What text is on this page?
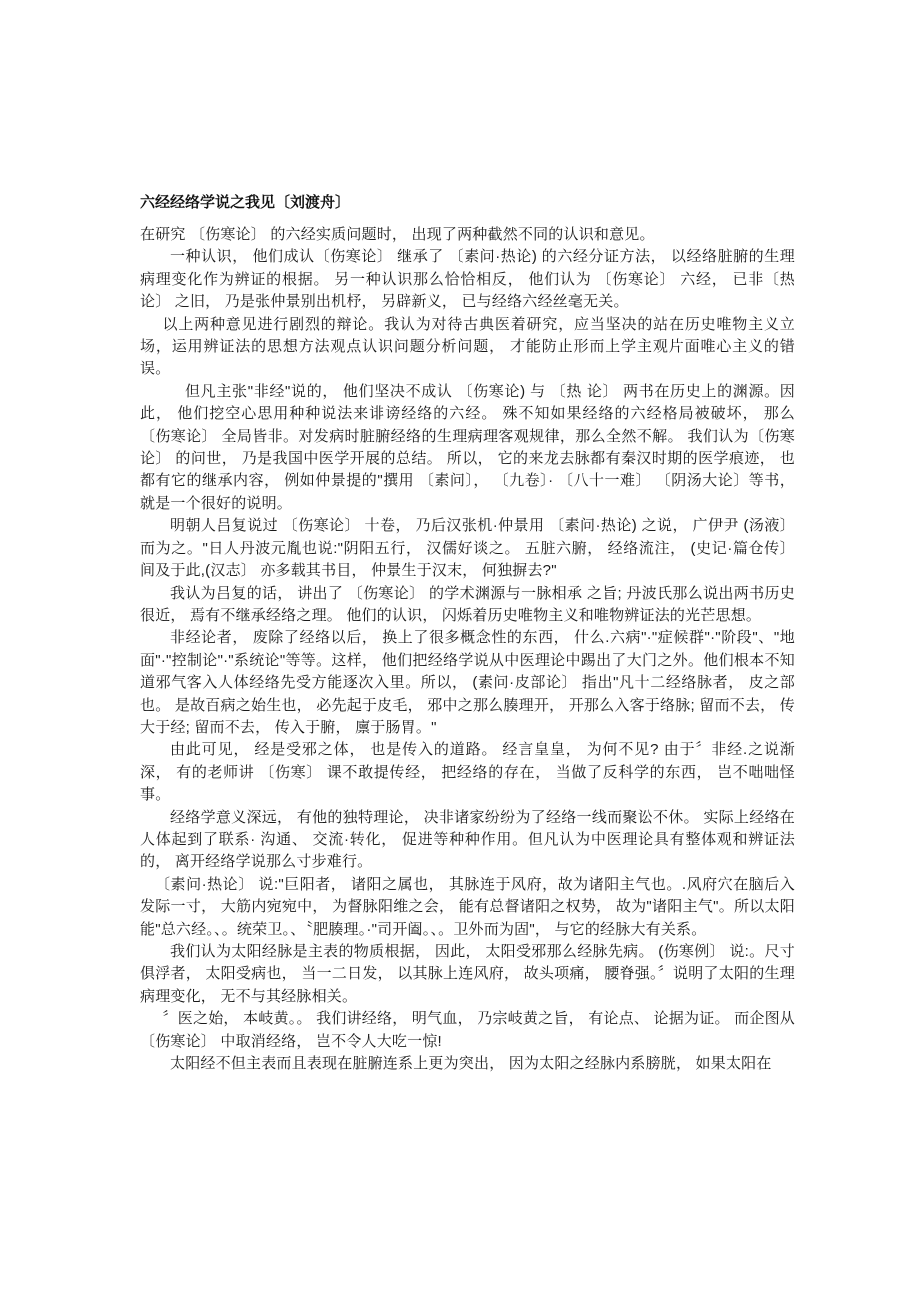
六经经络学说之我见〔刘渡舟〕

在研究 〔伤寒论〕 的六经实质问题时， 出现了两种截然不同的认识和意见。

一种认识， 他们成认〔伤寒论〕 继承了 〔素问·热论) 的六经分证方法， 以经络脏腑的生理病理变化作为辨证的根据。 另一种认识那么恰恰相反， 他们认为 〔伤寒论〕 六经， 已非〔热论〕 之旧， 乃是张仲景别出机杼， 另辟新义， 已与经络六经丝毫无关。

以上两种意见进行剧烈的辩论。我认为对待古典医着研究，应当坚决的站在历史唯物主义立场，运用辨证法的思想方法观点认识问题分析问题， 才能防止形而上学主观片面唯心主义的错误。

但凡主张"非经"说的， 他们坚决不成认 〔伤寒论) 与 〔热 论〕 两书在历史上的渊源。因此， 他们挖空心思用种种说法来诽谤经络的六经。 殊不知如果经络的六经格局被破坏， 那么 〔伤寒论〕 全局皆非。对发病时脏腑经络的生理病理客观规律，那么全然不解。 我们认为〔伤寒论〕 的问世， 乃是我国中医学开展的总结。 所以， 它的来龙去脉都有秦汉时期的医学痕迹， 也都有它的继承内容， 例如仲景提的"撰用 〔素问〕， 〔九卷〕· 〔八十一难〕 〔阴汤大论〕等书， 就是一个很好的说明。

明朝人吕复说过 〔伤寒论〕 十卷， 乃后汉张机·仲景用 〔素问·热论) 之说， 广伊尹 (汤液〕 而为之。"日人丹波元胤也说:"阴阳五行， 汉儒好谈之。 五脏六腑， 经络流注， (史记·篇仓传〕 间及于此,(汉志〕 亦多载其书目， 仲景生于汉末， 何独摒去?"

我认为吕复的话， 讲出了 〔伤寒论〕 的学术渊源与一脉相承 之旨; 丹波氏那么说出两书历史很近， 焉有不继承经络之理。 他们的认识， 闪烁着历史唯物主义和唯物辨证法的光芒思想。

非经论者， 废除了经络以后， 换上了很多概念性的东西， 什么.六病"·"症候群"·"阶段"、"地面"·"控制论"·"系统论"等等。这样， 他们把经络学说从中医理论中踢出了大门之外。他们根本不知 道邪气客入人体经络先受方能逐次入里。所以， (素问·皮部论〕 指出"凡十二经络脉者， 皮之部也。 是故百病之始生也， 必先起于皮毛， 邪中之那么腠理开， 开那么入客于络脉; 留而不去， 传大于经; 留而不去， 传入于腑， 廪于肠胃。"

由此可见， 经是受邪之体， 也是传入的道路。 经言皇皇， 为何不见? 由于〞非经.之说渐深， 有的老师讲 〔伤寒〕 课不敢提传经， 把经络的存在， 当做了反科学的东西， 岂不咄咄怪事。

经络学意义深远， 有他的独特理论， 决非诸家纷纷为了经络一线而聚讼不休。 实际上经络在人体起到了联系· 沟通、 交流·转化， 促进等种种作用。但凡认为中医理论具有整体观和辨证法的， 离开经络学说那么寸步难行。

〔素问·热论〕 说:"巨阳者， 诸阳之属也， 其脉连于风府，故为诸阳主气也。.风府穴在脑后入发际一寸， 大筋内宛宛中， 为督脉阳维之会， 能有总督诸阳之权势， 故为"诸阳主气"。所以太阳能"总六经。、。统荣卫。、〝肥腠理。·"司开阖。、。卫外而为固"， 与它的经脉大有关系。

我们认为太阳经脉是主表的物质根据， 因此， 太阳受邪那么经脉先病。 (伤寒例〕 说:。尺寸俱浮者， 太阳受病也， 当一二日发， 以其脉上连风府， 故头项痛， 腰脊强。〞说明了太阳的生理病理变化， 无不与其经脉相关。

〞医之始， 本岐黄。。 我们讲经络， 明气血， 乃宗岐黄之旨， 有论点、 论据为证。 而企图从〔伤寒论〕 中取消经络， 岂不令人大吃一惊!

太阳经不但主表而且表现在脏腑连系上更为突出， 因为太阳之经脉内系膀胱， 如果太阳在
